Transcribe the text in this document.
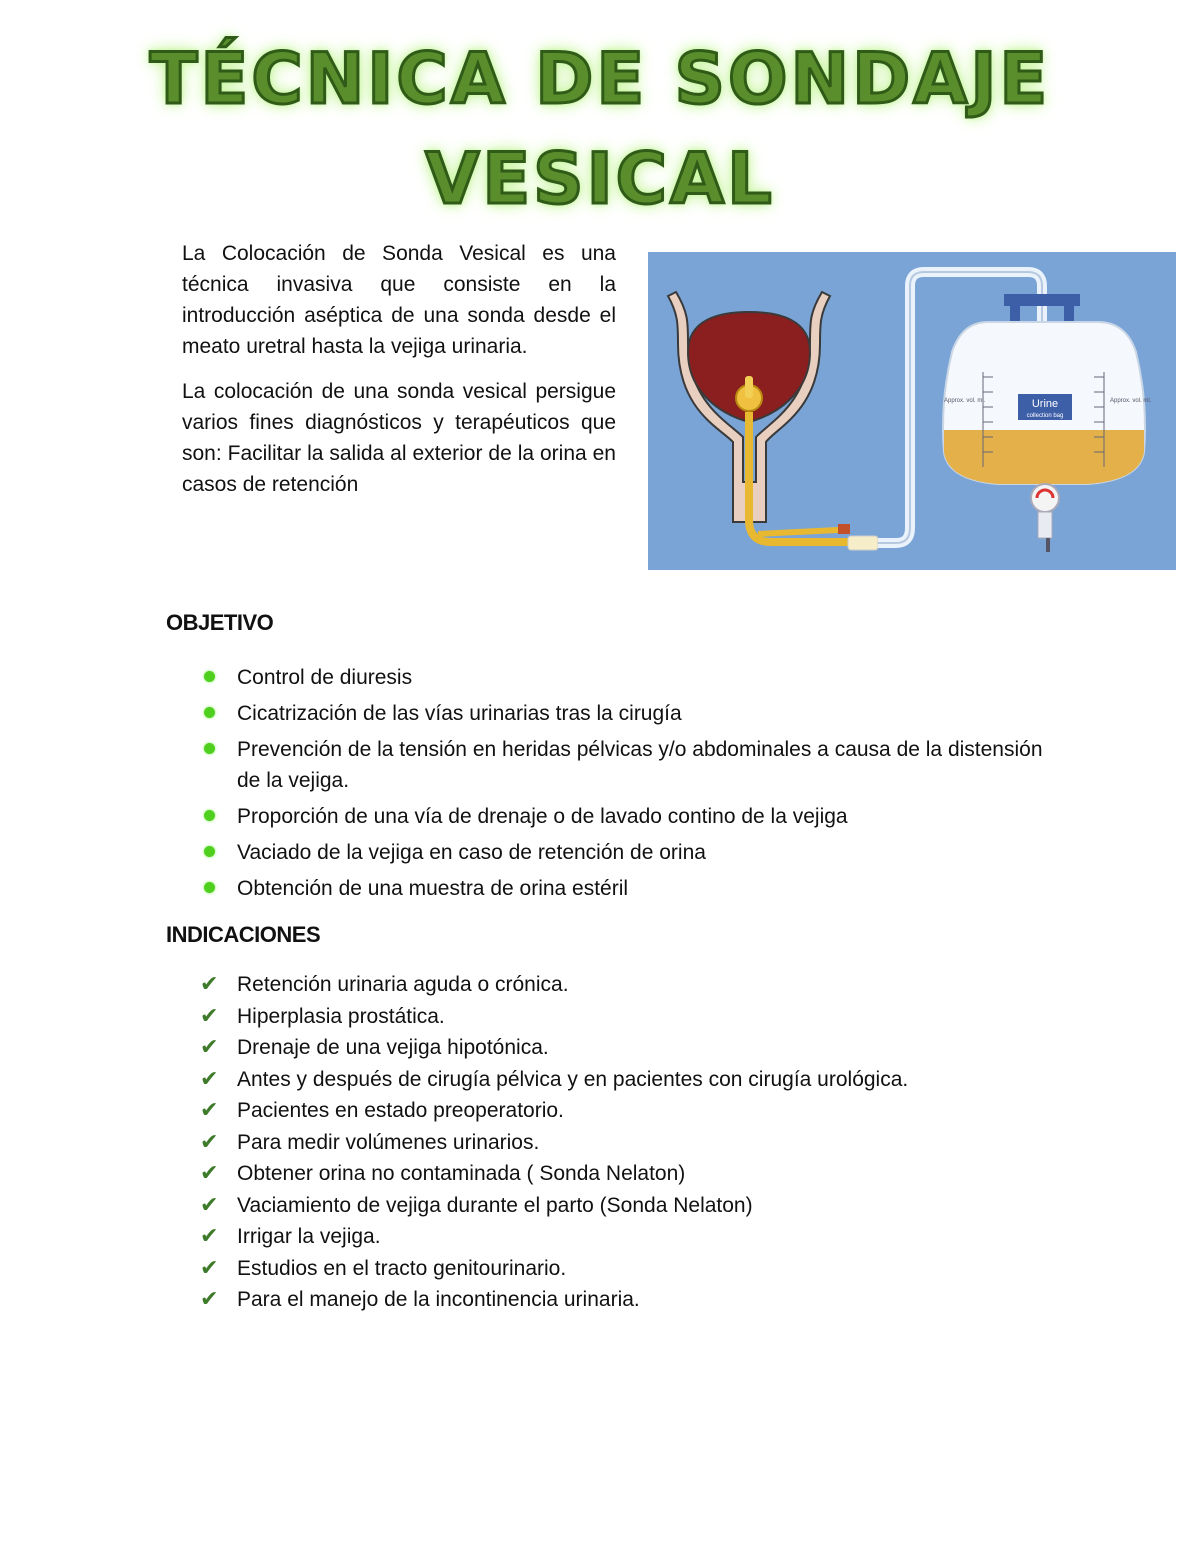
TÉCNICA DE SONDAJE
VESICAL

La Colocación de Sonda Vesical es una técnica invasiva que consiste en la introducción aséptica de una sonda desde el meato uretral hasta la vejiga urinaria.

La colocación de una sonda vesical persigue varios fines diagnósticos y terapéuticos que son: Facilitar la salida al exterior de la orina en casos de retención

Approx. vol. ml.	Approx. vol. ml.
Urine
collection bag
OBJETIVO
Control de diuresis
Cicatrización de las vías urinarias tras la cirugía
Prevención de la tensión en heridas pélvicas y/o abdominales a causa de la distensión de la vejiga.
Proporción de una vía de drenaje o de lavado contino de la vejiga
Vaciado de la vejiga en caso de retención de orina
Obtención de una muestra de orina estéril
INDICACIONES
✔ Retención urinaria aguda o crónica.
✔ Hiperplasia prostática.
✔ Drenaje de una vejiga hipotónica.
✔ Antes y después de cirugía pélvica y en pacientes con cirugía urológica.
✔ Pacientes en estado preoperatorio.
✔ Para medir volúmenes urinarios.
✔ Obtener orina no contaminada ( Sonda Nelaton)
✔ Vaciamiento de vejiga durante el parto (Sonda Nelaton)
✔ Irrigar la vejiga.
✔ Estudios en el tracto genitourinario.
✔ Para el manejo de la incontinencia urinaria.
